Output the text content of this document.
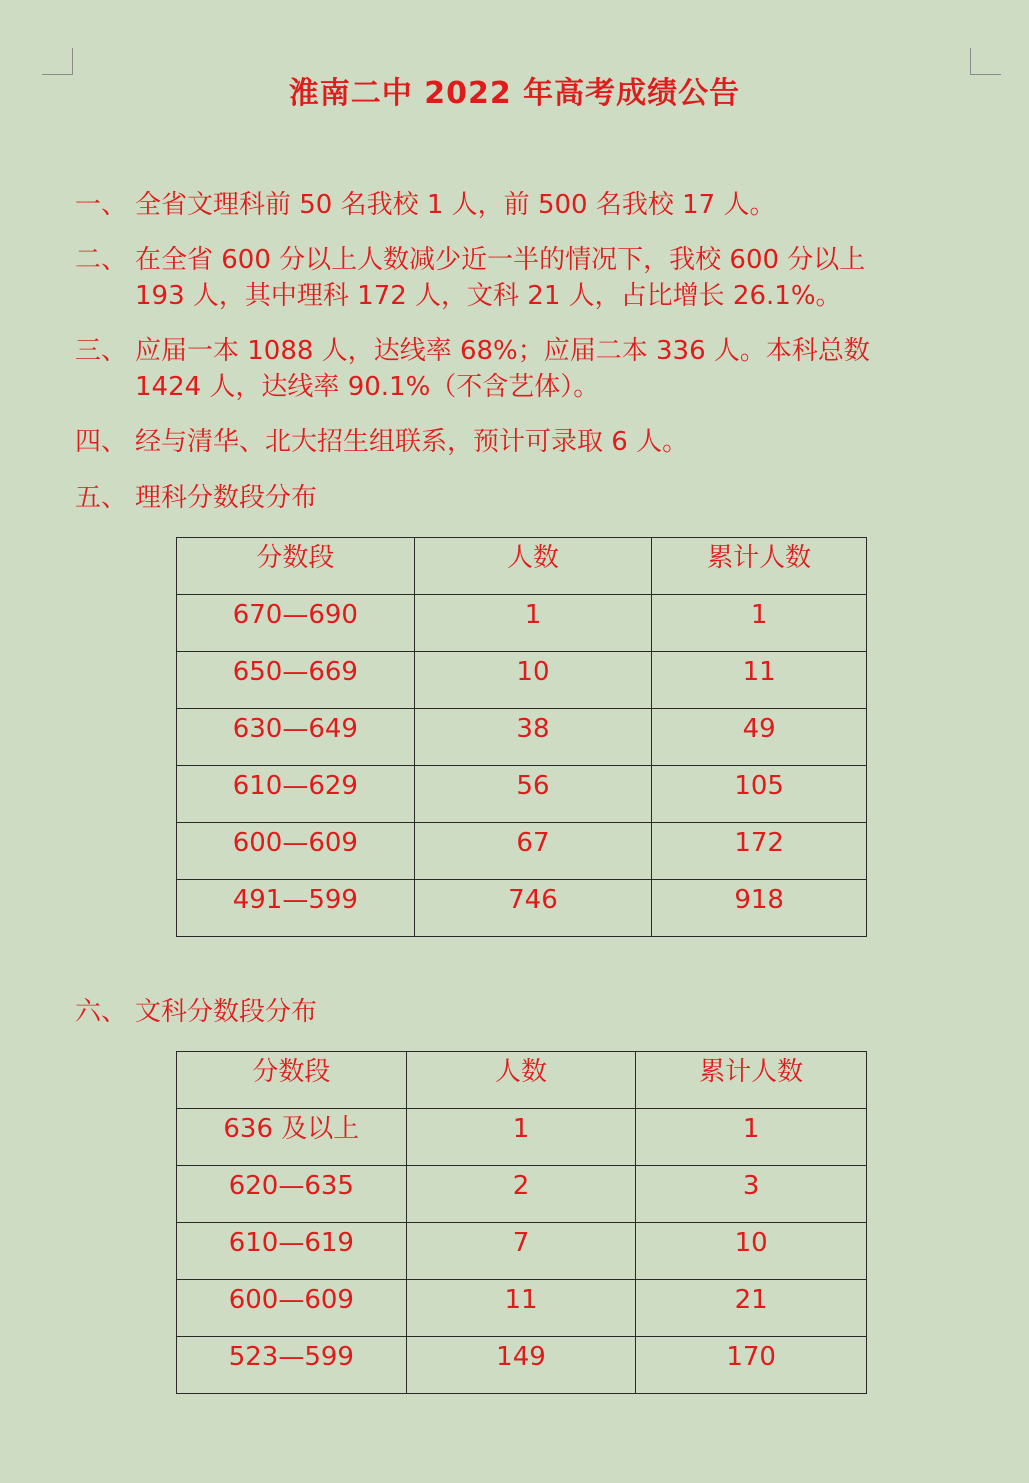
淮南二中 2022 年高考成绩公告

一、 全省文理科前 50 名我校 1 人，前 500 名我校 17 人。

二、 在全省 600 分以上人数减少近一半的情况下，我校 600 分以上
193 人，其中理科 172 人，文科 21 人，占比增长 26.1%。

三、 应届一本 1088 人，达线率 68%；应届二本 336 人。本科总数
1424 人，达线率 90.1%（不含艺体）。

四、 经与清华、北大招生组联系，预计可录取 6 人。

五、 理科分数段分布

分数段	人数	累计人数
670—690	1	1
650—669	10	11
630—649	38	49
610—629	56	105
600—609	67	172
491—599	746	918

六、 文科分数段分布

分数段	人数	累计人数
636 及以上	1	1
620—635	2	3
610—619	7	10
600—609	11	21
523—599	149	170
